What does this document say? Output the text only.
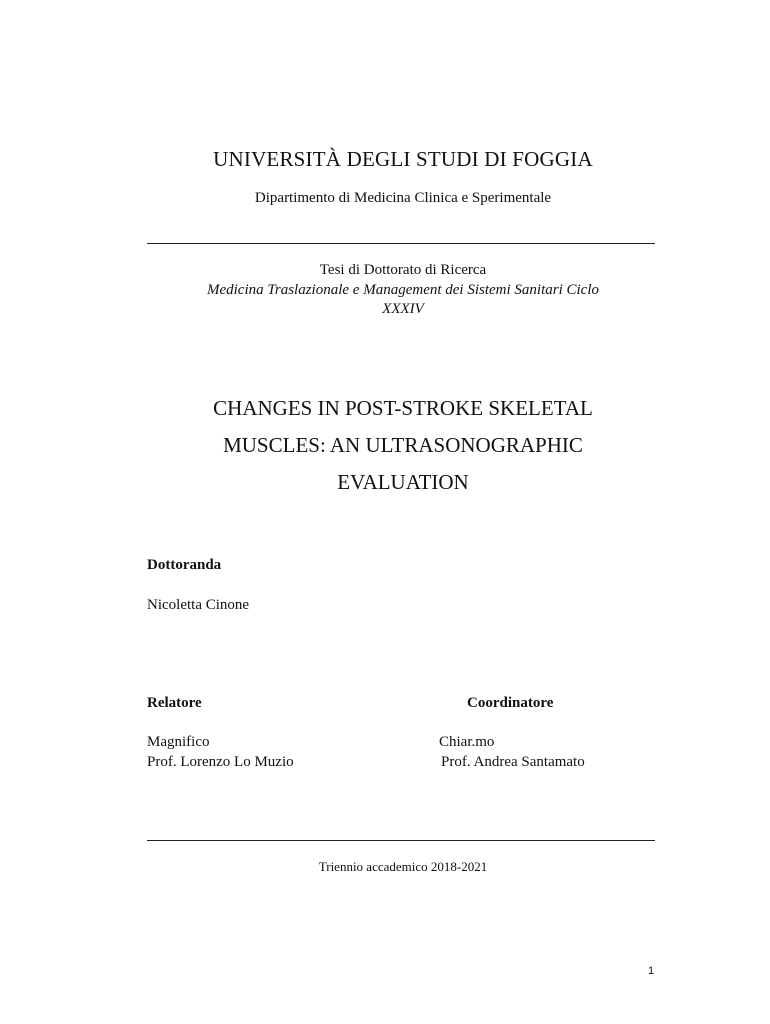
UNIVERSITÀ DEGLI STUDI DI FOGGIA
Dipartimento di Medicina Clinica e Sperimentale
Tesi di Dottorato di Ricerca
Medicina Traslazionale e Management dei Sistemi Sanitari Ciclo
XXXIV
CHANGES IN POST-STROKE SKELETAL
MUSCLES: AN ULTRASONOGRAPHIC
EVALUATION
Dottoranda
Nicoletta Cinone
Relatore	Coordinatore
Magnifico
Prof. Lorenzo Lo Muzio
Chiar.mo
Prof. Andrea Santamato
Triennio accademico 2018-2021
1
